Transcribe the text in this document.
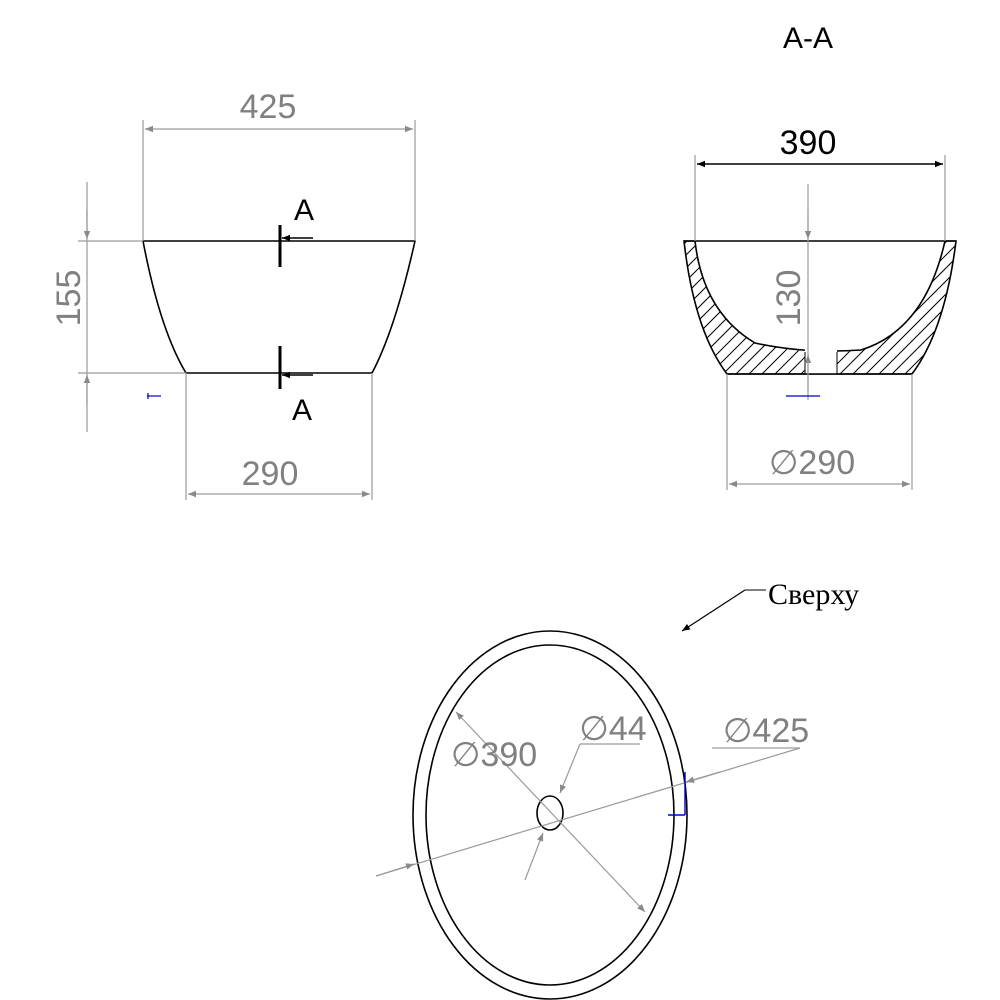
425
155
290
A
A
A-A
390
130
∅290
Сверху
∅390
∅44 ∅425
